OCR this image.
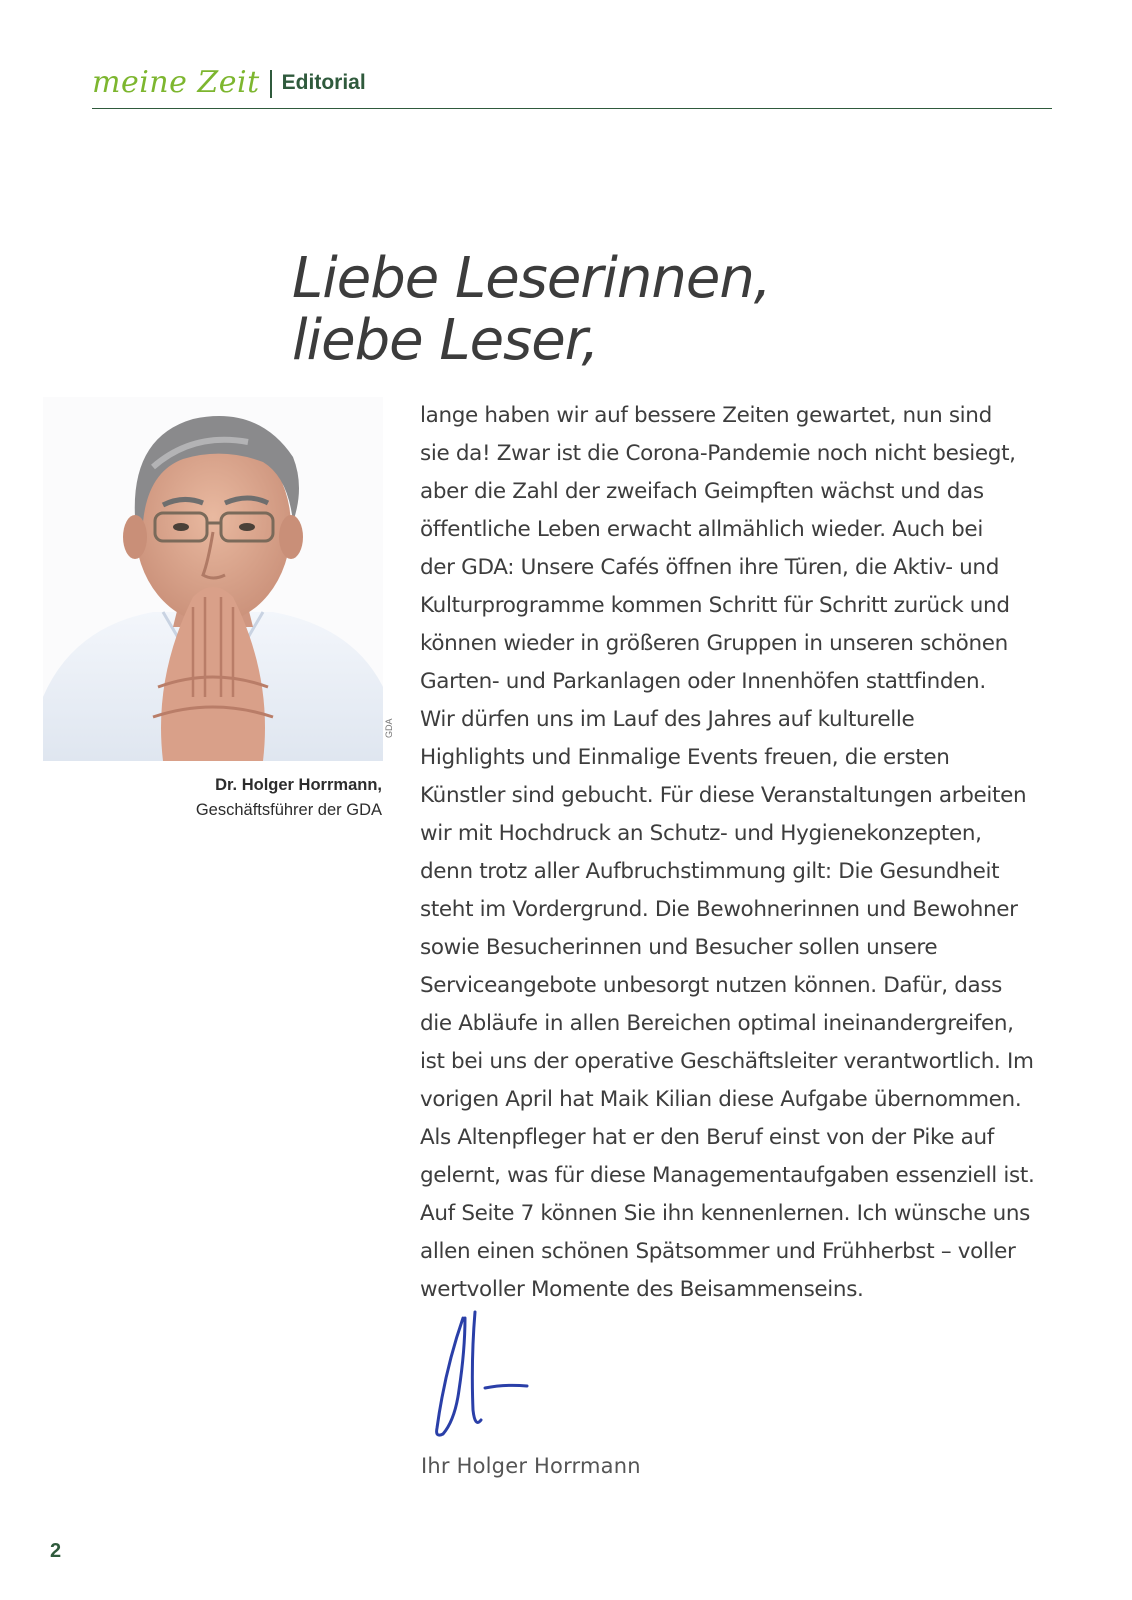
meine Zeit Editorial
Liebe Leserinnen,
liebe Leser,
GDA
Dr. Holger Horrmann,
Geschäftsführer der GDA
lange haben wir auf bessere Zeiten gewartet, nun sind
sie da! Zwar ist die Corona-Pandemie noch nicht besiegt,
aber die Zahl der zweifach Geimpften wächst und das
öffentliche Leben erwacht allmählich wieder. Auch bei
der GDA: Unsere Cafés öffnen ihre Türen, die Aktiv- und
Kulturprogramme kommen Schritt für Schritt zurück und
können wieder in größeren Gruppen in unseren schönen
Garten- und Parkanlagen oder Innenhöfen stattfinden.
Wir dürfen uns im Lauf des Jahres auf kulturelle
Highlights und Einmalige Events freuen, die ersten
Künstler sind gebucht. Für diese Veranstaltungen arbeiten
wir mit Hochdruck an Schutz- und Hygienekonzepten,
denn trotz aller Aufbruchstimmung gilt: Die Gesundheit
steht im Vordergrund. Die Bewohnerinnen und Bewohner
sowie Besucherinnen und Besucher sollen unsere
Serviceangebote unbesorgt nutzen können. Dafür, dass
die Abläufe in allen Bereichen optimal ineinandergreifen,
ist bei uns der operative Geschäftsleiter verantwortlich. Im
vorigen April hat Maik Kilian diese Aufgabe übernommen.
Als Altenpfleger hat er den Beruf einst von der Pike auf
gelernt, was für diese Managementaufgaben essenziell ist.
Auf Seite 7 können Sie ihn kennenlernen. Ich wünsche uns
allen einen schönen Spätsommer und Frühherbst – voller
wertvoller Momente des Beisammenseins.
Ihr Holger Horrmann
2
